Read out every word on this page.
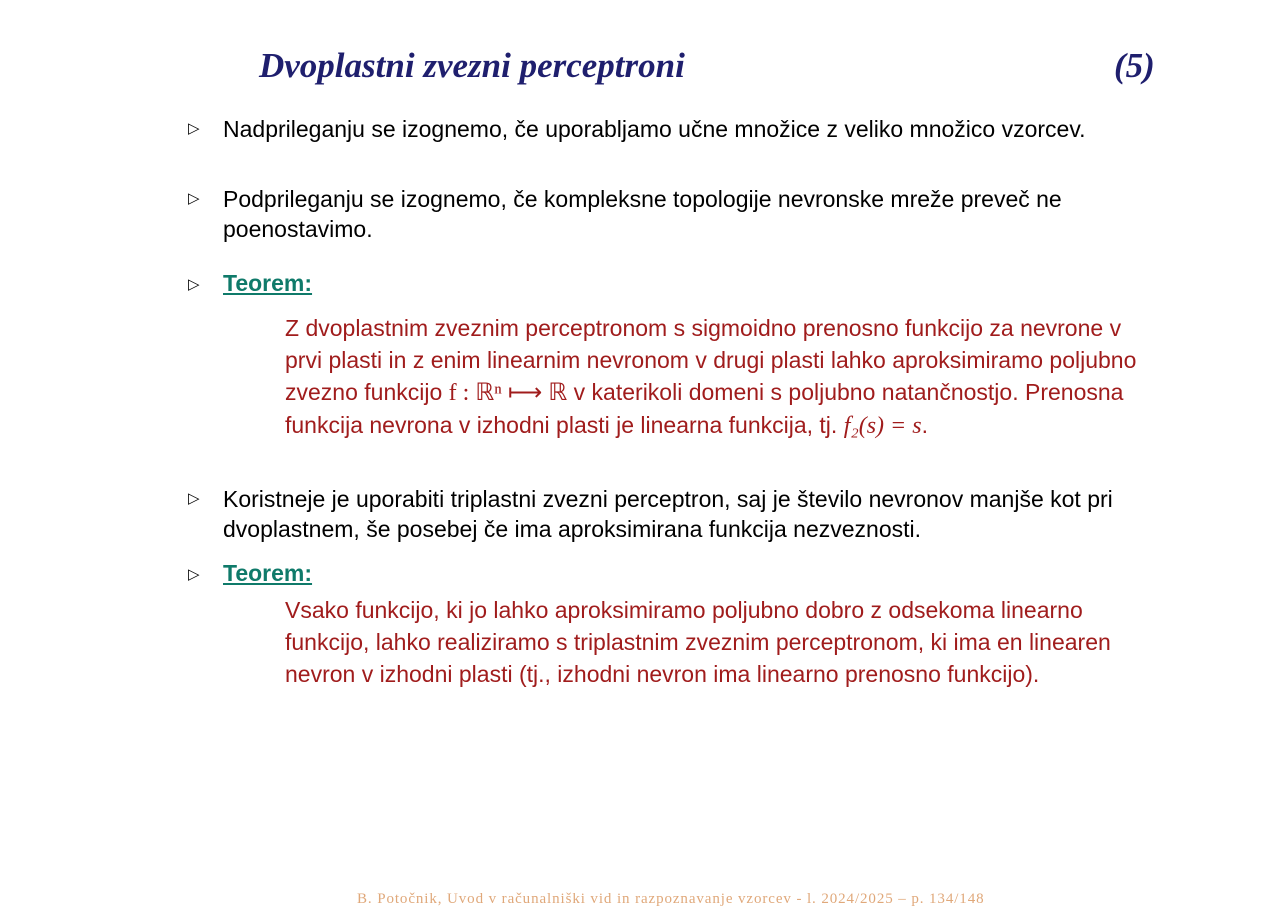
Dvoplastni zvezni perceptroni	(5)
▷ Nadprileganju se izognemo, če uporabljamo učne množice z veliko množico vzorcev.
▷ Podprileganju se izognemo, če kompleksne topologije nevronske mreže preveč ne poenostavimo.
▷ Teorem:
Z dvoplastnim zveznim perceptronom s sigmoidno prenosno funkcijo za nevrone v prvi plasti in z enim linearnim nevronom v drugi plasti lahko aproksimiramo poljubno zvezno funkcijo f : ℝⁿ ⟼ ℝ v katerikoli domeni s poljubno natančnostjo. Prenosna funkcija nevrona v izhodni plasti je linearna funkcija, tj. f₂(s) = s.
▷ Koristneje je uporabiti triplastni zvezni perceptron, saj je število nevronov manjše kot pri dvoplastnem, še posebej če ima aproksimirana funkcija nezveznosti.
▷ Teorem:
Vsako funkcijo, ki jo lahko aproksimiramo poljubno dobro z odsekoma linearno funkcijo, lahko realiziramo s triplastnim zveznim perceptronom, ki ima en linearen nevron v izhodni plasti (tj., izhodni nevron ima linearno prenosno funkcijo).
B. Potočnik, Uvod v računalniški vid in razpoznavanje vzorcev - l. 2024/2025 – p. 134/148
